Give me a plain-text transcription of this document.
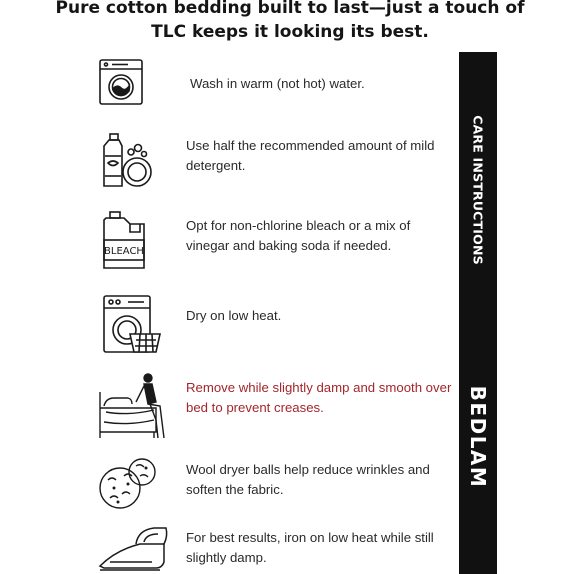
Pure cotton bedding built to last—just a touch of
TLC keeps it looking its best.
CARE INSTRUCTIONS
BEDLAM
Wash in warm (not hot) water.
Use half the recommended amount of mild detergent.
BLEACH
Opt for non-chlorine bleach or a mix of vinegar and baking soda if needed.
Dry on low heat.
Remove while slightly damp and smooth over bed to prevent creases.
Wool dryer balls help reduce wrinkles and soften the fabric.
For best results, iron on low heat while still slightly damp.
